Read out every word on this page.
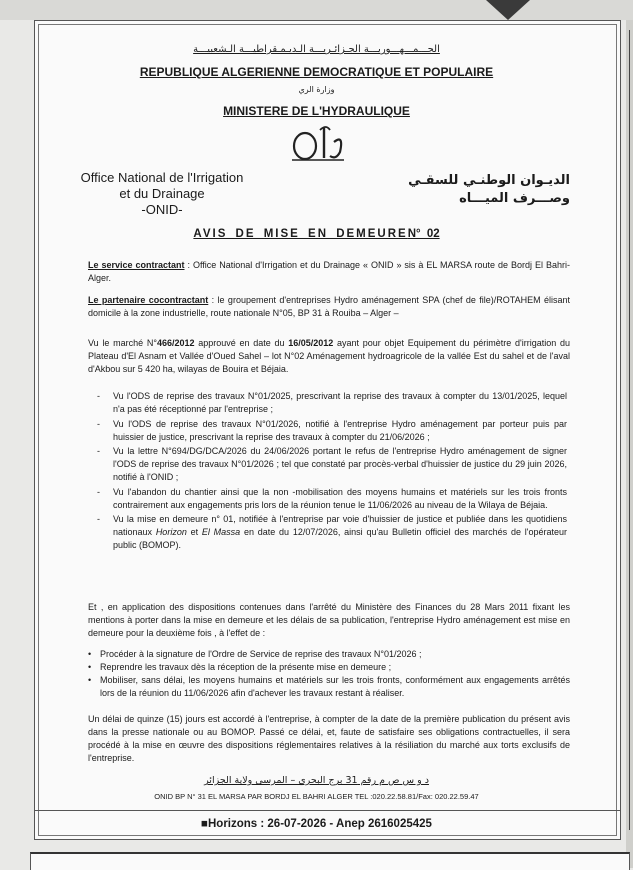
الجـــمـــهـــوريـــة الجـزائـريـــة الـديـمـقراطيـــة الـشعبيـــة
REPUBLIQUE ALGERIENNE DEMOCRATIQUE ET POPULAIRE
وزارة الري
MINISTERE DE L'HYDRAULIQUE
Office National de l'Irrigation
et du Drainage
-ONID-
الديـوان الوطنـي للسقـي
وصـــرف الميـــاه
AVIS DE MISE EN DEMEUREN° 02
Le service contractant : Office National d'Irrigation et du Drainage « ONID » sis à EL MARSA route de Bordj El Bahri- Alger.
Le partenaire cocontractant : le groupement d'entreprises Hydro aménagement SPA (chef de file)/ROTAHEM élisant domicile à la zone industrielle, route nationale N°05, BP 31 à Rouiba – Alger –
Vu le marché N°466/2012 approuvé en date du 16/05/2012 ayant pour objet Equipement du périmètre d'irrigation du Plateau d'El Asnam et Vallée d'Oued Sahel – lot N°02 Aménagement hydroagricole de la vallée Est du sahel et de l'aval d'Akbou sur 5 420 ha, wilayas de Bouira et Béjaia.
- Vu l'ODS de reprise des travaux N°01/2025, prescrivant la reprise des travaux à compter du 13/01/2025, lequel n'a pas été réceptionné par l'entreprise ;
- Vu l'ODS de reprise des travaux N°01/2026, notifié à l'entreprise Hydro aménagement par porteur puis par huissier de justice, prescrivant la reprise des travaux à compter du 21/06/2026 ;
- Vu la lettre N°694/DG/DCA/2026 du 24/06/2026 portant le refus de l'entreprise Hydro aménagement de signer l'ODS de reprise des travaux N°01/2026 ; tel que constaté par procès-verbal d'huissier de justice du 29 juin 2026, notifié à l'ONID ;
- Vu l'abandon du chantier ainsi que la non -mobilisation des moyens humains et matériels sur les trois fronts contrairement aux engagements pris lors de la réunion tenue le 11/06/2026 au niveau de la Wilaya de Béjaia.
- Vu la mise en demeure n° 01, notifiée à l'entreprise par voie d'huissier de justice et publiée dans les quotidiens nationaux Horizon et El Massa en date du 12/07/2026, ainsi qu'au Bulletin officiel des marchés de l'opérateur public (BOMOP).
Et , en application des dispositions contenues dans l'arrêté du Ministère des Finances du 28 Mars 2011 fixant les mentions à porter dans la mise en demeure et les délais de sa publication, l'entreprise Hydro aménagement est mise en demeure pour la deuxième fois , à l'effet de :
• Procéder à la signature de l'Ordre de Service de reprise des travaux N°01/2026 ;
• Reprendre les travaux dès la réception de la présente mise en demeure ;
• Mobiliser, sans délai, les moyens humains et matériels sur les trois fronts, conformément aux engagements arrêtés lors de la réunion du 11/06/2026 afin d'achever les travaux restant à réaliser.
Un délai de quinze (15) jours est accordé à l'entreprise, à compter de la date de la première publication du présent avis dans la presse nationale ou au BOMOP. Passé ce délai, et, faute de satisfaire ses obligations contractuelles, il sera procédé à la mise en œuvre des dispositions réglementaires relatives à la résiliation du marché aux torts exclusifs de l'entreprise.
د و س ص م رقم 31 برج البحري – المرسى ولاية الجزائر
ONID BP N° 31 EL MARSA PAR BORDJ EL BAHRI ALGER TEL :020.22.58.81/Fax: 020.22.59.47
■Horizons : 26-07-2026 - Anep 2616025425
